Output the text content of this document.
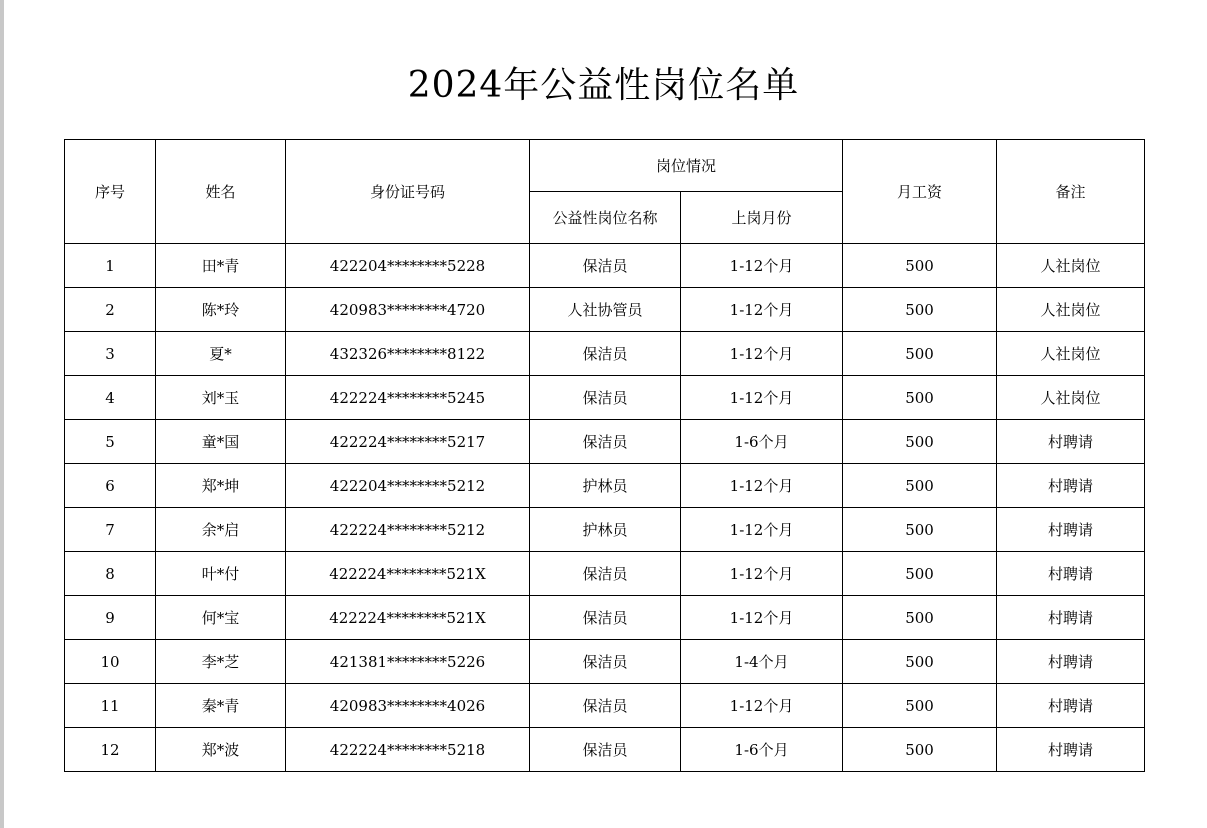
2024年公益性岗位名单
序号	姓名	身份证号码	岗位情况		月工资	备注
			公益性岗位名称	上岗月份		
1	田*青	422204********5228	保洁员	1-12个月	500	人社岗位
2	陈*玲	420983********4720	人社协管员	1-12个月	500	人社岗位
3	夏*	432326********8122	保洁员	1-12个月	500	人社岗位
4	刘*玉	422224********5245	保洁员	1-12个月	500	人社岗位
5	童*国	422224********5217	保洁员	1-6个月	500	村聘请
6	郑*坤	422204********5212	护林员	1-12个月	500	村聘请
7	余*启	422224********5212	护林员	1-12个月	500	村聘请
8	叶*付	422224********521X	保洁员	1-12个月	500	村聘请
9	何*宝	422224********521X	保洁员	1-12个月	500	村聘请
10	李*芝	421381********5226	保洁员	1-4个月	500	村聘请
11	秦*青	420983********4026	保洁员	1-12个月	500	村聘请
12	郑*波	422224********5218	保洁员	1-6个月	500	村聘请
